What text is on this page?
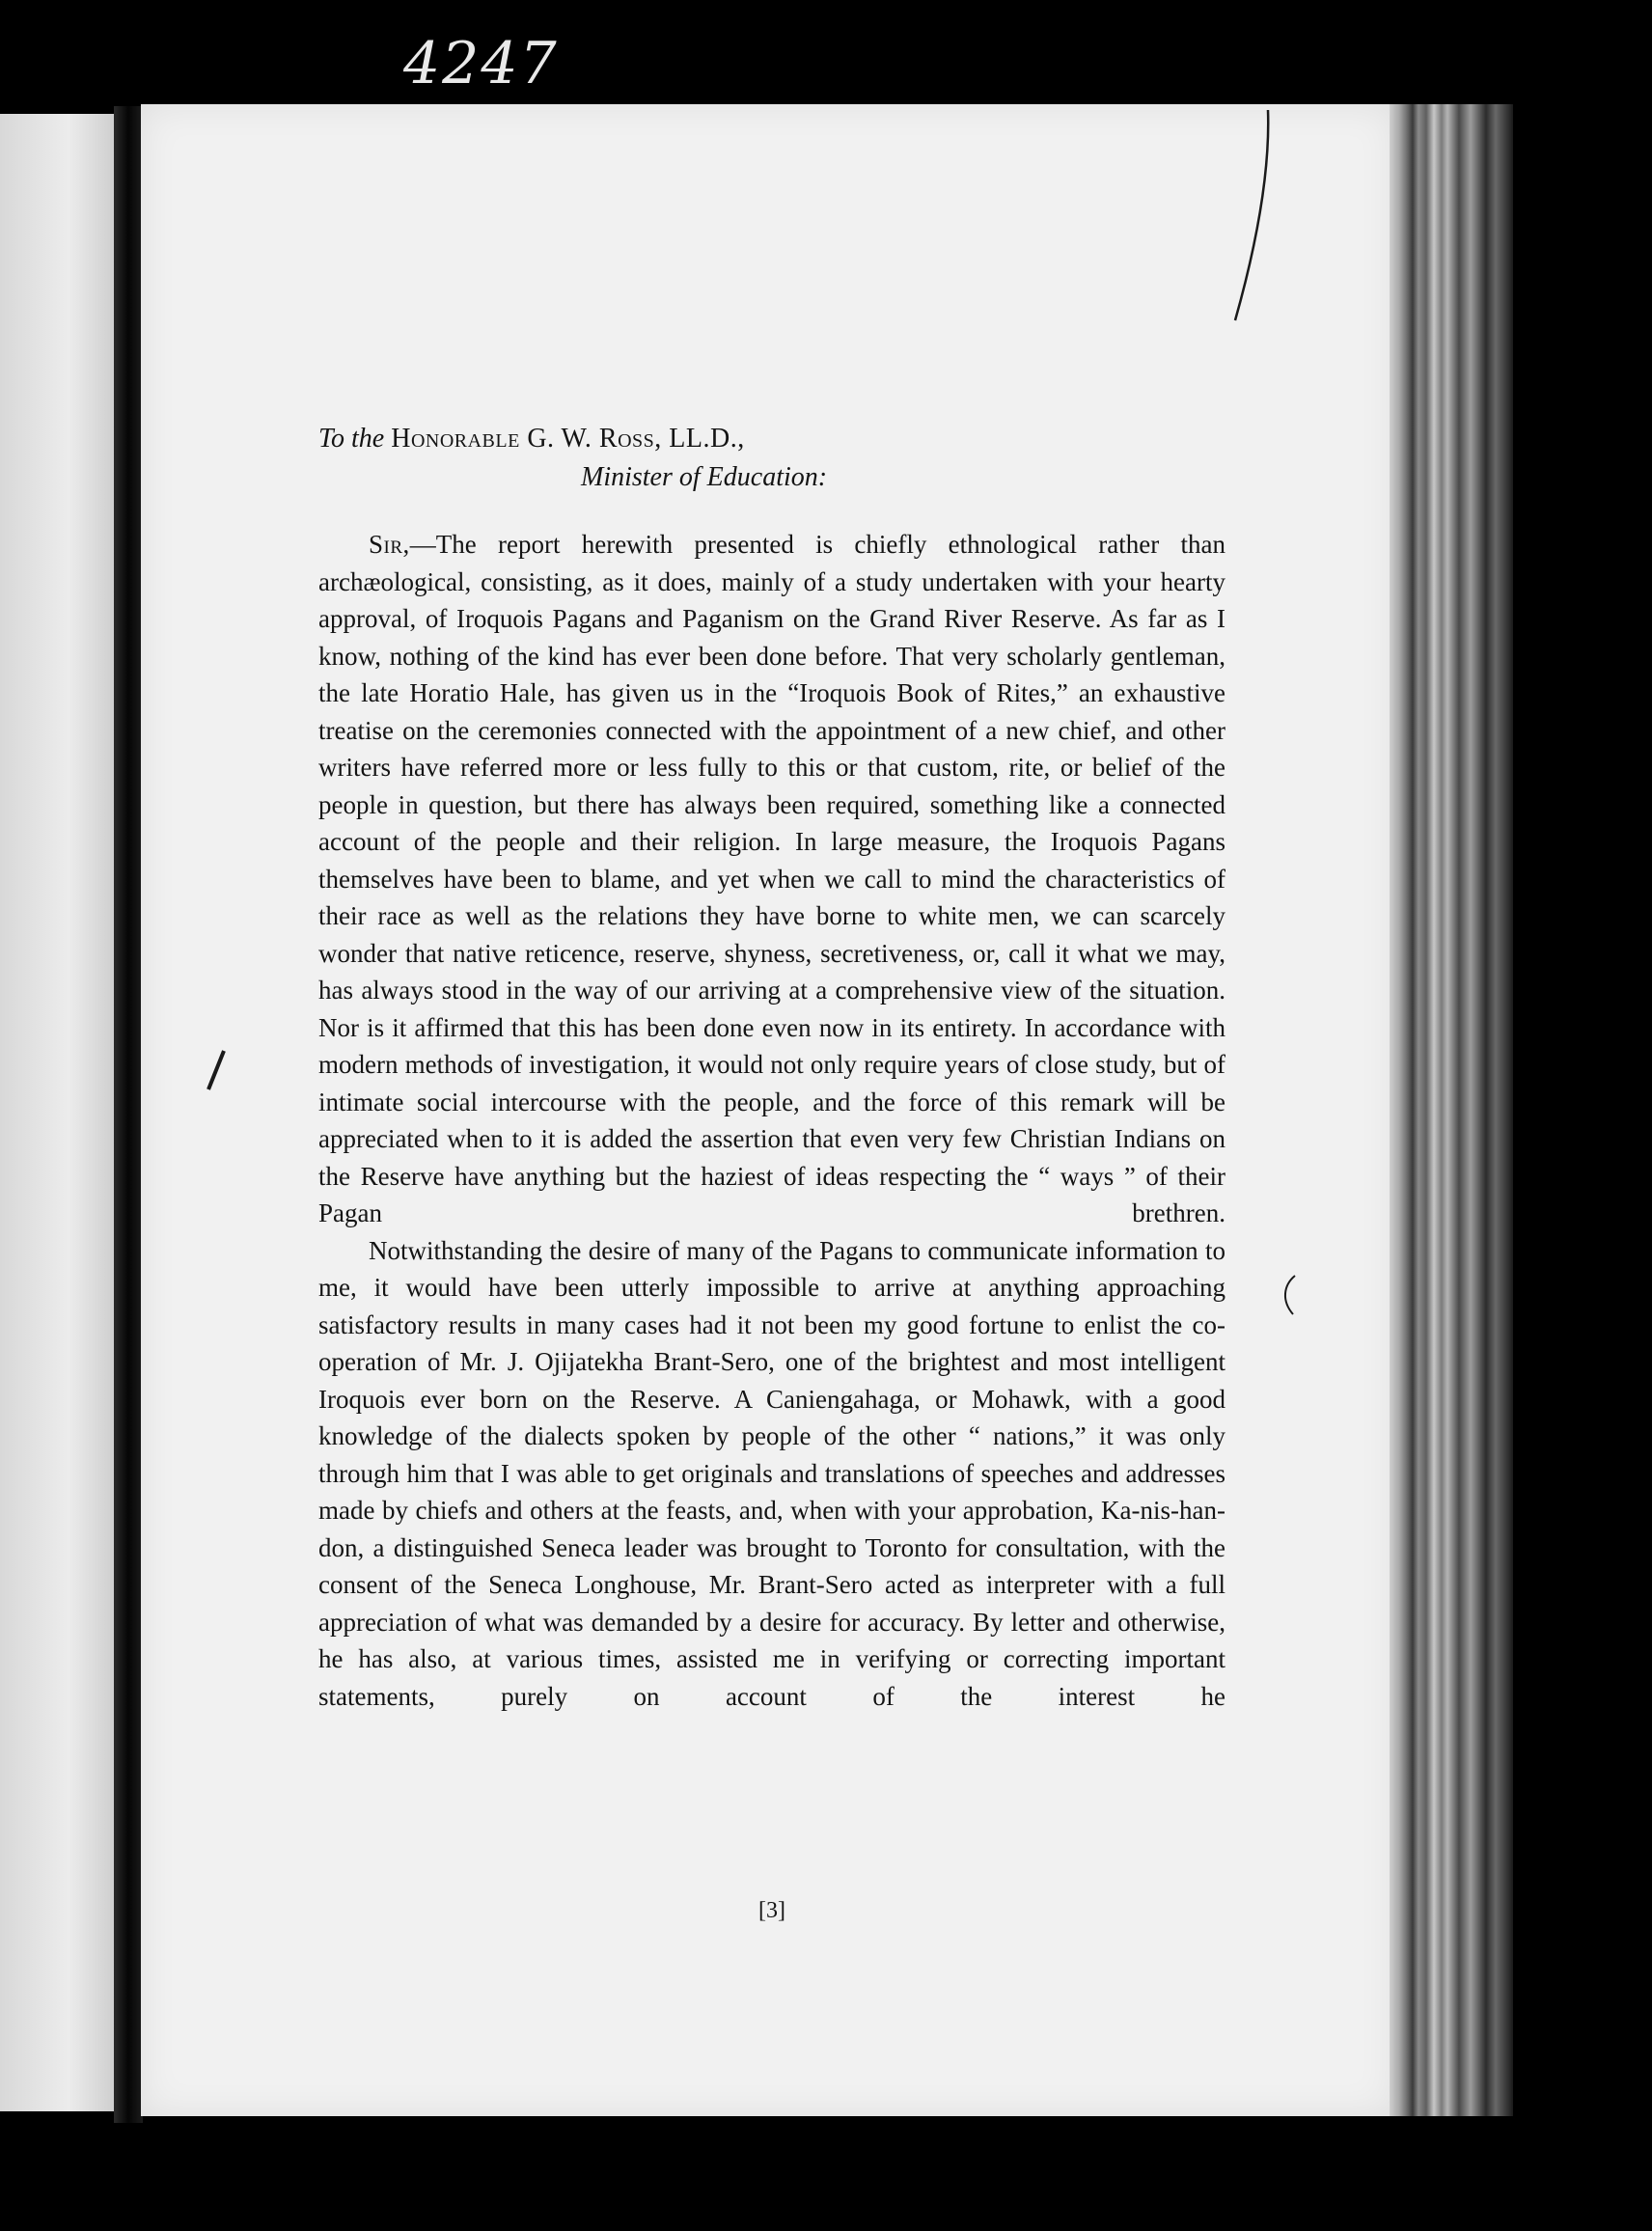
4247
To the Honorable G. W. Ross, LL.D.,
Minister of Education:

Sir,—The report herewith presented is chiefly ethnological rather than archæological, consisting, as it does, mainly of a study undertaken with your hearty approval, of Iroquois Pagans and Paganism on the Grand River Reserve. As far as I know, nothing of the kind has ever been done before. That very scholarly gentleman, the late Horatio Hale, has given us in the “Iroquois Book of Rites,” an exhaustive treatise on the ceremonies connected with the appointment of a new chief, and other writers have referred more or less fully to this or that custom, rite, or belief of the people in question, but there has always been required, something like a connected account of the people and their religion. In large measure, the Iroquois Pagans themselves have been to blame, and yet when we call to mind the characteristics of their race as well as the relations they have borne to white men, we can scarcely wonder that native reticence, reserve, shyness, secretiveness, or, call it what we may, has always stood in the way of our arriving at a comprehensive view of the situation. Nor is it affirmed that this has been done even now in its entirety. In accordance with modern methods of investigation, it would not only require years of close study, but of intimate social intercourse with the people, and the force of this remark will be appreciated when to it is added the assertion that even very few Christian Indians on the Reserve have anything but the haziest of ideas respecting the “ ways ” of their Pagan brethren.

Notwithstanding the desire of many of the Pagans to communicate information to me, it would have been utterly impossible to arrive at anything approaching satisfactory results in many cases had it not been my good fortune to enlist the co-operation of Mr. J. Ojijatekha Brant-Sero, one of the brightest and most intelligent Iroquois ever born on the Reserve. A Caniengahaga, or Mohawk, with a good knowledge of the dialects spoken by people of the other “ nations,” it was only through him that I was able to get originals and translations of speeches and addresses made by chiefs and others at the feasts, and, when with your approbation, Ka-nis-han-don, a distinguished Seneca leader was brought to Toronto for consultation, with the consent of the Seneca Longhouse, Mr. Brant-Sero acted as interpreter with a full appreciation of what was demanded by a desire for accuracy. By letter and otherwise, he has also, at various times, assisted me in verifying or correcting important statements, purely on account of the interest he

[3]
